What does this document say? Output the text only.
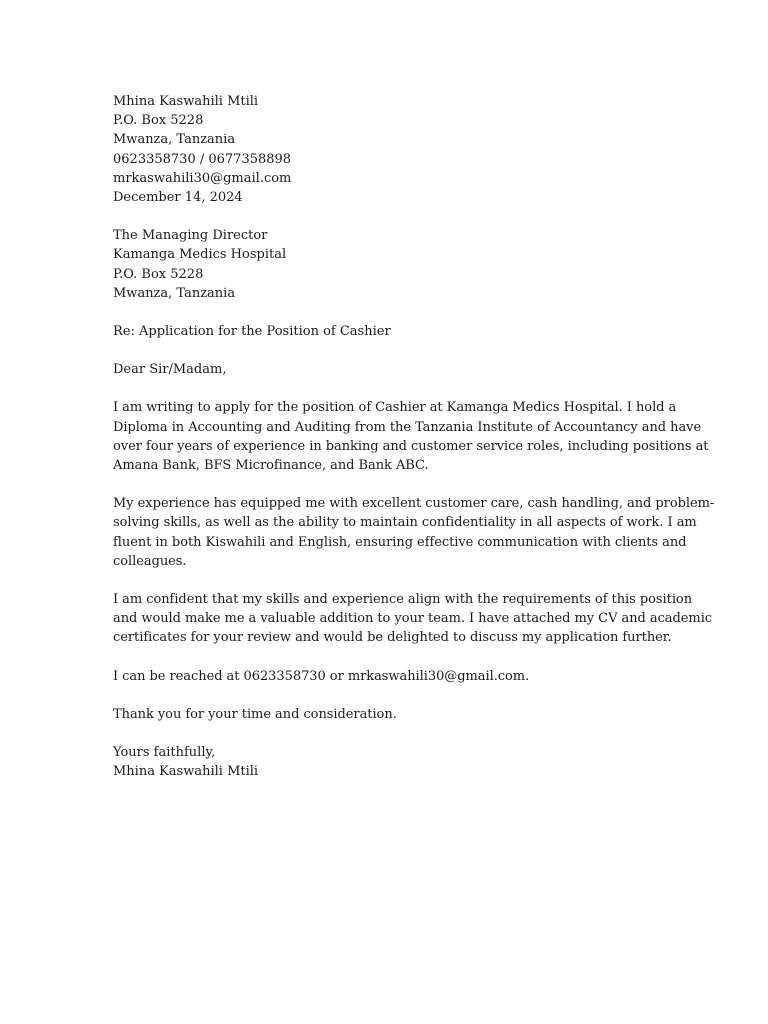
Mhina Kaswahili Mtili
P.O. Box 5228
Mwanza, Tanzania
0623358730 / 0677358898
mrkaswahili30@gmail.com
December 14, 2024
The Managing Director
Kamanga Medics Hospital
P.O. Box 5228
Mwanza, Tanzania
Re: Application for the Position of Cashier
Dear Sir/Madam,
I am writing to apply for the position of Cashier at Kamanga Medics Hospital. I hold a
Diploma in Accounting and Auditing from the Tanzania Institute of Accountancy and have
over four years of experience in banking and customer service roles, including positions at
Amana Bank, BFS Microfinance, and Bank ABC.
My experience has equipped me with excellent customer care, cash handling, and problem-
solving skills, as well as the ability to maintain confidentiality in all aspects of work. I am
fluent in both Kiswahili and English, ensuring effective communication with clients and
colleagues.
I am confident that my skills and experience align with the requirements of this position
and would make me a valuable addition to your team. I have attached my CV and academic
certificates for your review and would be delighted to discuss my application further.
I can be reached at 0623358730 or mrkaswahili30@gmail.com.
Thank you for your time and consideration.
Yours faithfully,
Mhina Kaswahili Mtili
